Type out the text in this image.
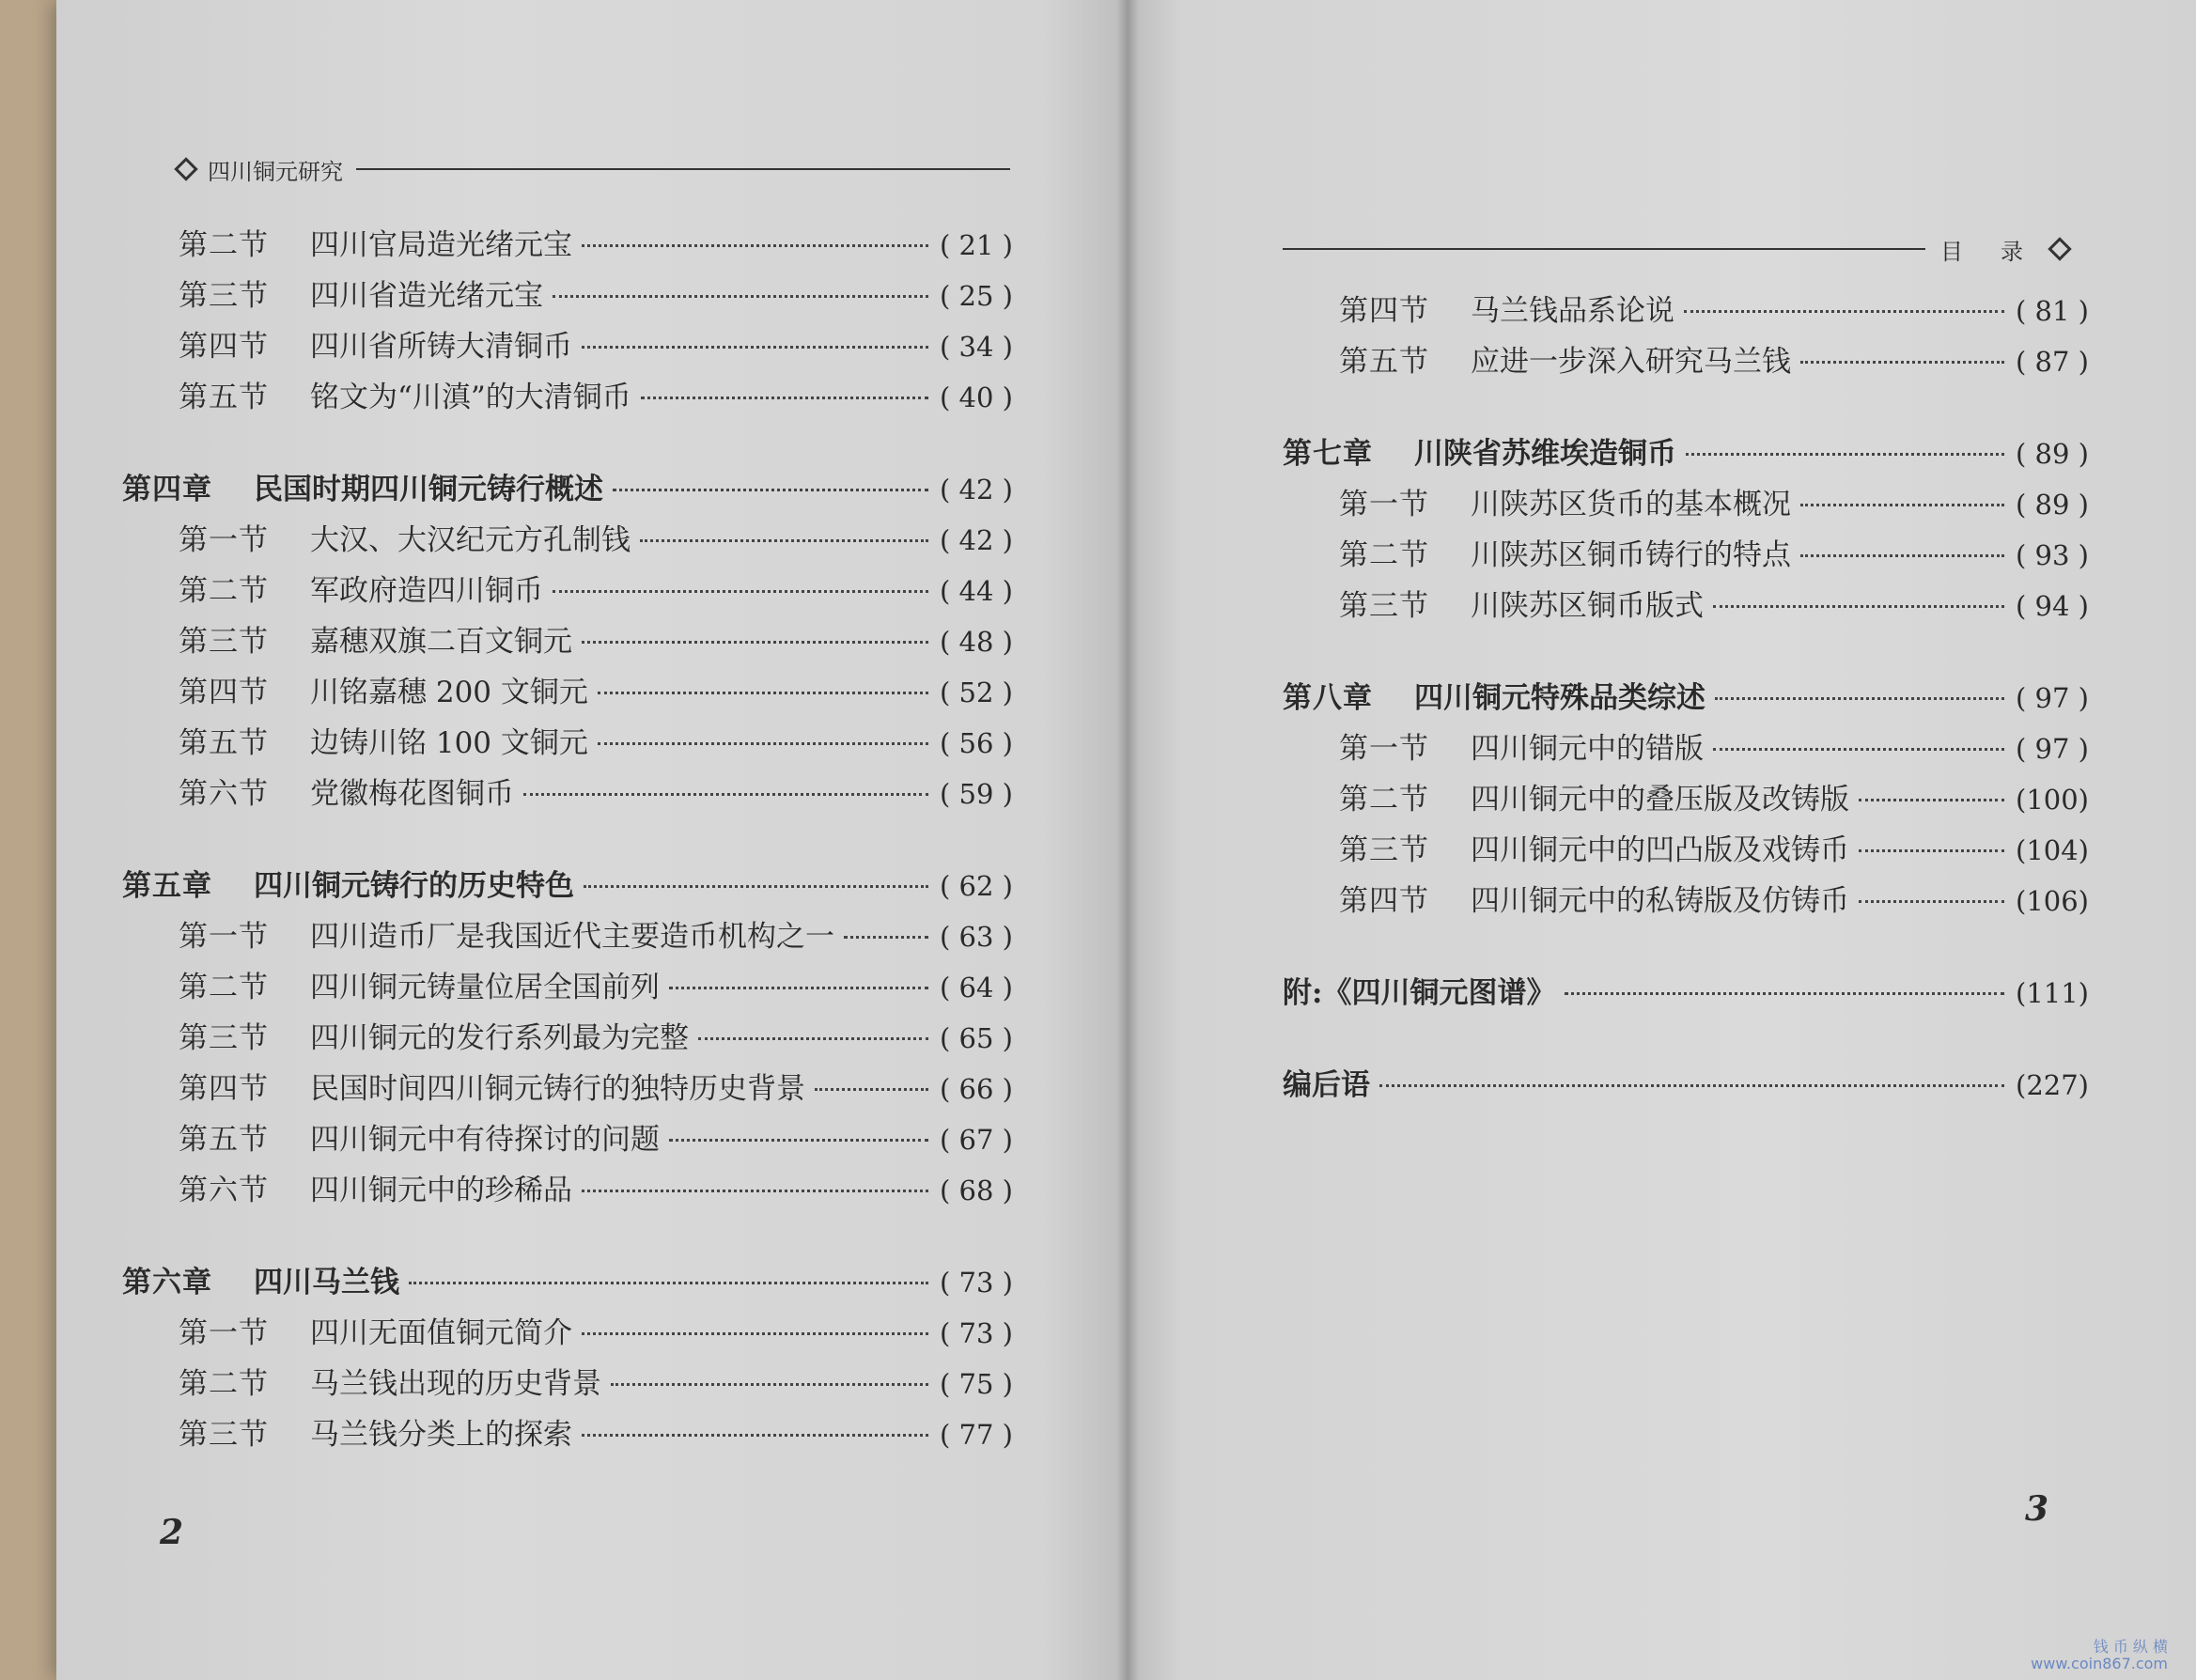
四川铜元研究
目录
第二节	四川官局造光绪元宝	( 21 )
第三节	四川省造光绪元宝	( 25 )
第四节	四川省所铸大清铜币	( 34 )
第五节	铭文为“川滇”的大清铜币	( 40 )
第四章	民国时期四川铜元铸行概述	( 42 )
第一节	大汉、大汉纪元方孔制钱	( 42 )
第二节	军政府造四川铜币	( 44 )
第三节	嘉穗双旗二百文铜元	( 48 )
第四节	川铭嘉穗 200 文铜元	( 52 )
第五节	边铸川铭 100 文铜元	( 56 )
第六节	党徽梅花图铜币	( 59 )
第五章	四川铜元铸行的历史特色	( 62 )
第一节	四川造币厂是我国近代主要造币机构之一	( 63 )
第二节	四川铜元铸量位居全国前列	( 64 )
第三节	四川铜元的发行系列最为完整	( 65 )
第四节	民国时间四川铜元铸行的独特历史背景	( 66 )
第五节	四川铜元中有待探讨的问题	( 67 )
第六节	四川铜元中的珍稀品	( 68 )
第六章	四川马兰钱	( 73 )
第一节	四川无面值铜元简介	( 73 )
第二节	马兰钱出现的历史背景	( 75 )
第三节	马兰钱分类上的探索	( 77 )
第四节	马兰钱品系论说	( 81 )
第五节	应进一步深入研究马兰钱	( 87 )
第七章	川陕省苏维埃造铜币	( 89 )
第一节	川陕苏区货币的基本概况	( 89 )
第二节	川陕苏区铜币铸行的特点	( 93 )
第三节	川陕苏区铜币版式	( 94 )
第八章	四川铜元特殊品类综述	( 97 )
第一节	四川铜元中的错版	( 97 )
第二节	四川铜元中的叠压版及改铸版	(100)
第三节	四川铜元中的凹凸版及戏铸币	(104)
第四节	四川铜元中的私铸版及仿铸币	(106)
附:《四川铜元图谱》	(111)
编后语	(227)
2
3
钱 币 纵 横
www.coin867.com
